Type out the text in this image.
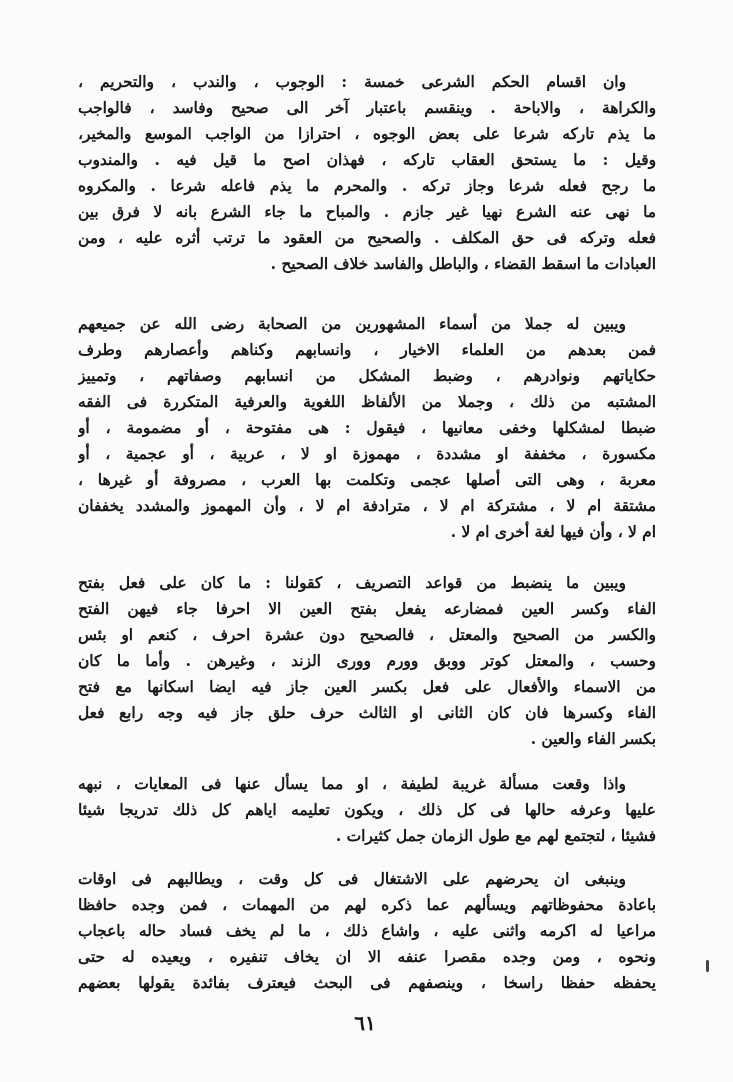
وان اقسام الحكم الشرعى خمسة : الوجوب ، والندب ، والتحريم ،
والكراهة ، والاباحة . وينقسم باعتبار آخر الى صحيح وفاسد ، فالواجب
ما يذم تاركه شرعا على بعض الوجوه ، احترازا من الواجب الموسع والمخير،
وقيل : ما يستحق العقاب تاركه ، فهذان اصح ما قيل فيه . والمندوب
ما رجح فعله شرعا وجاز تركه . والمحرم ما يذم فاعله شرعا . والمكروه
ما نهى عنه الشرع نهيا غير جازم . والمباح ما جاء الشرع بانه لا فرق بين
فعله وتركه فى حق المكلف . والصحيح من العقود ما ترتب أثره عليه ، ومن
العبادات ما اسقط القضاء ، والباطل والفاسد خلاف الصحيح .
ويبين له جملا من أسماء المشهورين من الصحابة رضى الله عن جميعهم
فمن بعدهم من العلماء الاخيار ، وانسابهم وكناهم وأعصارهم وطرف
حكاياتهم ونوادرهم ، وضبط المشكل من انسابهم وصفاتهم ، وتمييز
المشتبه من ذلك ، وجملا من الألفاظ اللغوية والعرفية المتكررة فى الفقه
ضبطا لمشكلها وخفى معانيها ، فيقول : هى مفتوحة ، أو مضمومة ، أو
مكسورة ، مخففة او مشددة ، مهموزة او لا ، عربية ، أو عجمية ، أو
معربة ، وهى التى أصلها عجمى وتكلمت بها العرب ، مصروفة أو غيرها ،
مشتقة ام لا ، مشتركة ام لا ، مترادفة ام لا ، وأن المهموز والمشدد يخففان
ام لا ، وأن فيها لغة أخرى ام لا .
ويبين ما ينضبط من قواعد التصريف ، كقولنا : ما كان على فعل بفتح
الفاء وكسر العين فمضارعه يفعل بفتح العين الا احرفا جاء فيهن الفتح
والكسر من الصحيح والمعتل ، فالصحيح دون عشرة احرف ، كنعم او بئس
وحسب ، والمعتل كوتر ووبق وورم وورى الزند ، وغيرهن . وأما ما كان
من الاسماء والأفعال على فعل بكسر العين جاز فيه ايضا اسكانها مع فتح
الفاء وكسرها فان كان الثانى او الثالث حرف حلق جاز فيه وجه رابع فعل
بكسر الفاء والعين .
واذا وقعت مسألة غريبة لطيفة ، او مما يسأل عنها فى المعايات ، نبهه
عليها وعرفه حالها فى كل ذلك ، ويكون تعليمه اياهم كل ذلك تدريجا شيئا
فشيئا ، لتجتمع لهم مع طول الزمان جمل كثيرات .
وينبغى ان يحرضهم على الاشتغال فى كل وقت ، ويطالبهم فى اوقات
باعادة محفوظاتهم ويسألهم عما ذكره لهم من المهمات ، فمن وجده حافظا
مراعيا له اكرمه واثنى عليه ، واشاع ذلك ، ما لم يخف فساد حاله باعجاب
ونحوه ، ومن وجده مقصرا عنفه الا ان يخاف تنفيره ، ويعيده له حتى
يحفظه حفظا راسخا ، وينصفهم فى البحث فيعترف بفائدة يقولها بعضهم
٦١
